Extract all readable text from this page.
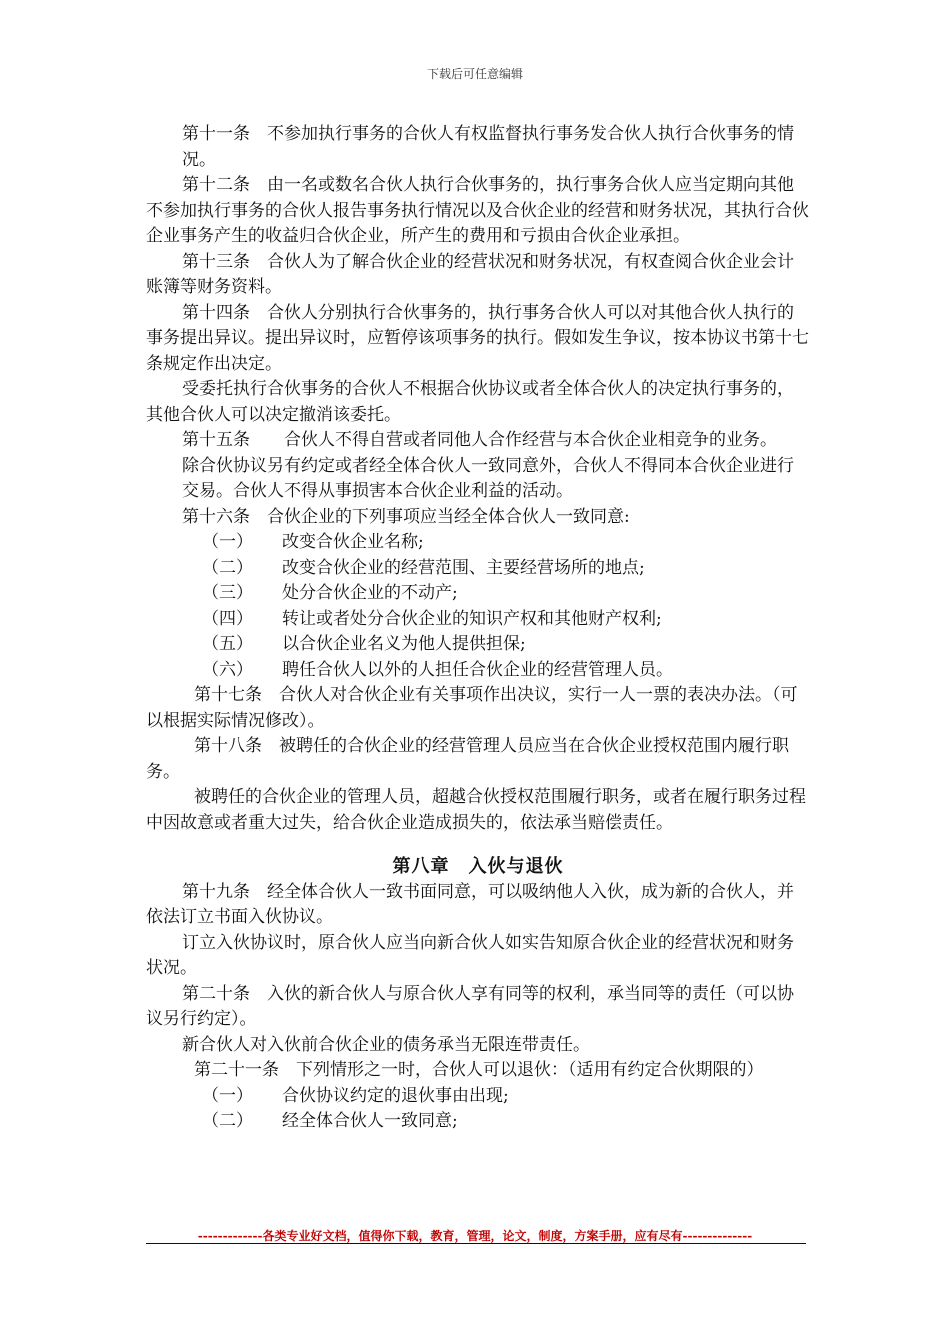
下载后可任意编辑

第十一条　不参加执行事务的合伙人有权监督执行事务发合伙人执行合伙事务的情况。

第十二条　由一名或数名合伙人执行合伙事务的，执行事务合伙人应当定期向其他不参加执行事务的合伙人报告事务执行情况以及合伙企业的经营和财务状况，其执行合伙企业事务产生的收益归合伙企业，所产生的费用和亏损由合伙企业承担。

第十三条　合伙人为了解合伙企业的经营状况和财务状况，有权查阅合伙企业会计账簿等财务资料。

第十四条　合伙人分别执行合伙事务的，执行事务合伙人可以对其他合伙人执行的事务提出异议。提出异议时，应暂停该项事务的执行。假如发生争议，按本协议书第十七条规定作出决定。

受委托执行合伙事务的合伙人不根据合伙协议或者全体合伙人的决定执行事务的，其他合伙人可以决定撤消该委托。

第十五条　　合伙人不得自营或者同他人合作经营与本合伙企业相竞争的业务。

除合伙协议另有约定或者经全体合伙人一致同意外，合伙人不得同本合伙企业进行交易。合伙人不得从事损害本合伙企业利益的活动。

第十六条　合伙企业的下列事项应当经全体合伙人一致同意:

（一） 改变合伙企业名称;

（二） 改变合伙企业的经营范围、主要经营场所的地点;

（三） 处分合伙企业的不动产;

（四） 转让或者处分合伙企业的知识产权和其他财产权利;

（五） 以合伙企业名义为他人提供担保;

（六） 聘任合伙人以外的人担任合伙企业的经营管理人员。

第十七条　合伙人对合伙企业有关事项作出决议，实行一人一票的表决办法。（可以根据实际情况修改）。

第十八条　被聘任的合伙企业的经营管理人员应当在合伙企业授权范围内履行职务。

被聘任的合伙企业的管理人员，超越合伙授权范围履行职务，或者在履行职务过程中因故意或者重大过失，给合伙企业造成损失的，依法承当赔偿责任。

第八章　入伙与退伙

第十九条　经全体合伙人一致书面同意，可以吸纳他人入伙，成为新的合伙人，并依法订立书面入伙协议。

订立入伙协议时，原合伙人应当向新合伙人如实告知原合伙企业的经营状况和财务状况。

第二十条　入伙的新合伙人与原合伙人享有同等的权利，承当同等的责任（可以协议另行约定）。

新合伙人对入伙前合伙企业的债务承当无限连带责任。

第二十一条　下列情形之一时，合伙人可以退伙：（适用有约定合伙期限的）

（一） 合伙协议约定的退伙事由出现;

（二） 经全体合伙人一致同意;

-------------各类专业好文档，值得你下载，教育，管理，论文，制度，方案手册，应有尽有--------------
